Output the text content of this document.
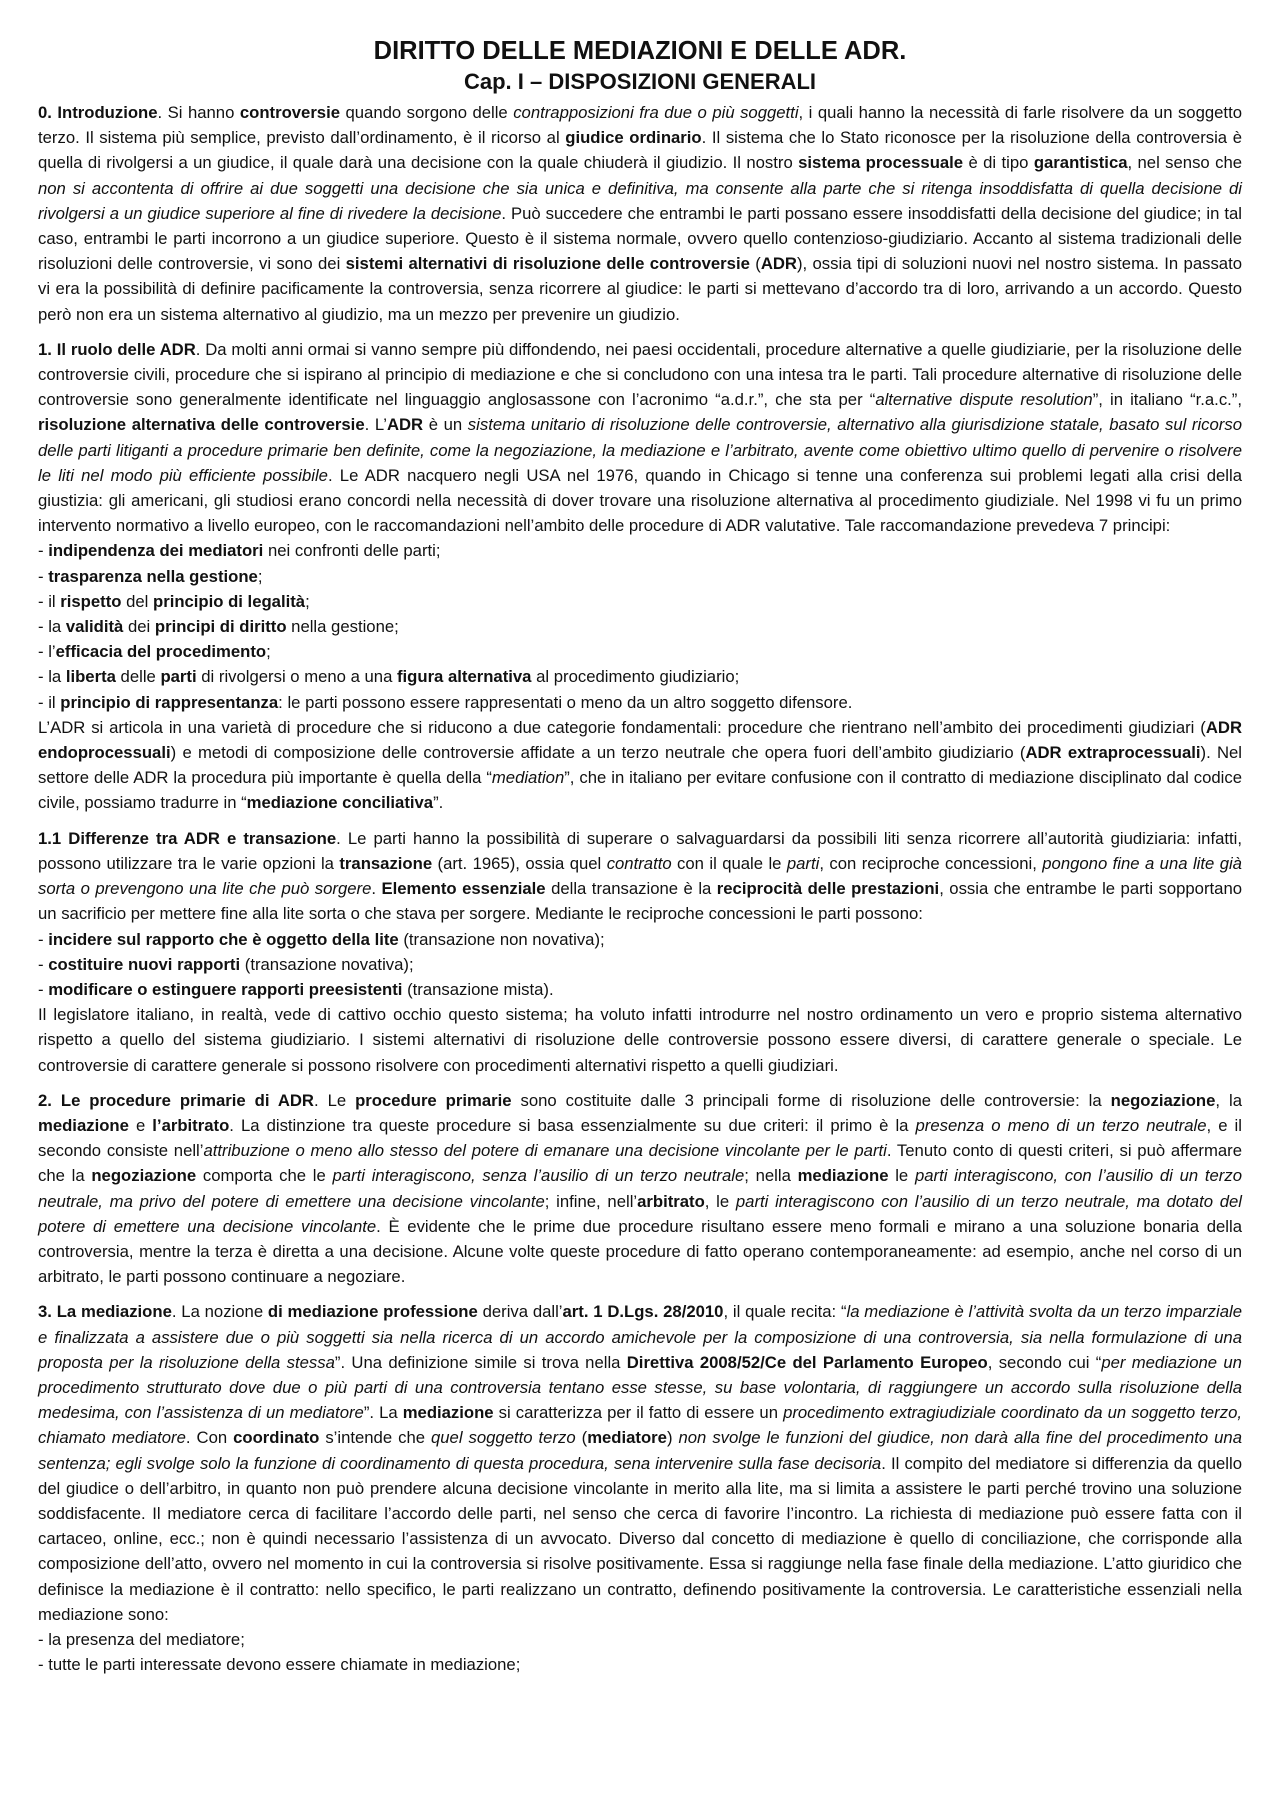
DIRITTO DELLE MEDIAZIONI E DELLE ADR.
Cap. I – DISPOSIZIONI GENERALI

0. Introduzione. Si hanno controversie quando sorgono delle contrapposizioni fra due o più soggetti, i quali hanno la necessità di farle risolvere da un soggetto terzo. Il sistema più semplice, previsto dall’ordinamento, è il ricorso al giudice ordinario. Il sistema che lo Stato riconosce per la risoluzione della controversia è quella di rivolgersi a un giudice, il quale darà una decisione con la quale chiuderà il giudizio. Il nostro sistema processuale è di tipo garantistica, nel senso che non si accontenta di offrire ai due soggetti una decisione che sia unica e definitiva, ma consente alla parte che si ritenga insoddisfatta di quella decisione di rivolgersi a un giudice superiore al fine di rivedere la decisione. Può succedere che entrambi le parti possano essere insoddisfatti della decisione del giudice; in tal caso, entrambi le parti incorrono a un giudice superiore. Questo è il sistema normale, ovvero quello contenzioso-giudiziario. Accanto al sistema tradizionali delle risoluzioni delle controversie, vi sono dei sistemi alternativi di risoluzione delle controversie (ADR), ossia tipi di soluzioni nuovi nel nostro sistema. In passato vi era la possibilità di definire pacificamente la controversia, senza ricorrere al giudice: le parti si mettevano d’accordo tra di loro, arrivando a un accordo. Questo però non era un sistema alternativo al giudizio, ma un mezzo per prevenire un giudizio.

1. Il ruolo delle ADR. Da molti anni ormai si vanno sempre più diffondendo, nei paesi occidentali, procedure alternative a quelle giudiziarie, per la risoluzione delle controversie civili, procedure che si ispirano al principio di mediazione e che si concludono con una intesa tra le parti. Tali procedure alternative di risoluzione delle controversie sono generalmente identificate nel linguaggio anglosassone con l’acronimo “a.d.r.”, che sta per “alternative dispute resolution”, in italiano “r.a.c.”, risoluzione alternativa delle controversie. L’ADR è un sistema unitario di risoluzione delle controversie, alternativo alla giurisdizione statale, basato sul ricorso delle parti litiganti a procedure primarie ben definite, come la negoziazione, la mediazione e l’arbitrato, avente come obiettivo ultimo quello di pervenire o risolvere le liti nel modo più efficiente possibile. Le ADR nacquero negli USA nel 1976, quando in Chicago si tenne una conferenza sui problemi legati alla crisi della giustizia: gli americani, gli studiosi erano concordi nella necessità di dover trovare una risoluzione alternativa al procedimento giudiziale. Nel 1998 vi fu un primo intervento normativo a livello europeo, con le raccomandazioni nell’ambito delle procedure di ADR valutative. Tale raccomandazione prevedeva 7 principi:

- indipendenza dei mediatori nei confronti delle parti;
- trasparenza nella gestione;
- il rispetto del principio di legalità;
- la validità dei principi di diritto nella gestione;
- l’efficacia del procedimento;
- la liberta delle parti di rivolgersi o meno a una figura alternativa al procedimento giudiziario;
- il principio di rappresentanza: le parti possono essere rappresentati o meno da un altro soggetto difensore.

L’ADR si articola in una varietà di procedure che si riducono a due categorie fondamentali: procedure che rientrano nell’ambito dei procedimenti giudiziari (ADR endoprocessuali) e metodi di composizione delle controversie affidate a un terzo neutrale che opera fuori dell’ambito giudiziario (ADR extraprocessuali). Nel settore delle ADR la procedura più importante è quella della “mediation”, che in italiano per evitare confusione con il contratto di mediazione disciplinato dal codice civile, possiamo tradurre in “mediazione conciliativa”.

1.1 Differenze tra ADR e transazione. Le parti hanno la possibilità di superare o salvaguardarsi da possibili liti senza ricorrere all’autorità giudiziaria: infatti, possono utilizzare tra le varie opzioni la transazione (art. 1965), ossia quel contratto con il quale le parti, con reciproche concessioni, pongono fine a una lite già sorta o prevengono una lite che può sorgere. Elemento essenziale della transazione è la reciprocità delle prestazioni, ossia che entrambe le parti sopportano un sacrificio per mettere fine alla lite sorta o che stava per sorgere. Mediante le reciproche concessioni le parti possono:

- incidere sul rapporto che è oggetto della lite (transazione non novativa);
- costituire nuovi rapporti (transazione novativa);
- modificare o estinguere rapporti preesistenti (transazione mista).

Il legislatore italiano, in realtà, vede di cattivo occhio questo sistema; ha voluto infatti introdurre nel nostro ordinamento un vero e proprio sistema alternativo rispetto a quello del sistema giudiziario. I sistemi alternativi di risoluzione delle controversie possono essere diversi, di carattere generale o speciale. Le controversie di carattere generale si possono risolvere con procedimenti alternativi rispetto a quelli giudiziari.

2. Le procedure primarie di ADR. Le procedure primarie sono costituite dalle 3 principali forme di risoluzione delle controversie: la negoziazione, la mediazione e l’arbitrato. La distinzione tra queste procedure si basa essenzialmente su due criteri: il primo è la presenza o meno di un terzo neutrale, e il secondo consiste nell’attribuzione o meno allo stesso del potere di emanare una decisione vincolante per le parti. Tenuto conto di questi criteri, si può affermare che la negoziazione comporta che le parti interagiscono, senza l’ausilio di un terzo neutrale; nella mediazione le parti interagiscono, con l’ausilio di un terzo neutrale, ma privo del potere di emettere una decisione vincolante; infine, nell’arbitrato, le parti interagiscono con l’ausilio di un terzo neutrale, ma dotato del potere di emettere una decisione vincolante. È evidente che le prime due procedure risultano essere meno formali e mirano a una soluzione bonaria della controversia, mentre la terza è diretta a una decisione. Alcune volte queste procedure di fatto operano contemporaneamente: ad esempio, anche nel corso di un arbitrato, le parti possono continuare a negoziare.

3. La mediazione. La nozione di mediazione professione deriva dall’art. 1 D.Lgs. 28/2010, il quale recita: “la mediazione è l’attività svolta da un terzo imparziale e finalizzata a assistere due o più soggetti sia nella ricerca di un accordo amichevole per la composizione di una controversia, sia nella formulazione di una proposta per la risoluzione della stessa”. Una definizione simile si trova nella Direttiva 2008/52/Ce del Parlamento Europeo, secondo cui “per mediazione un procedimento strutturato dove due o più parti di una controversia tentano esse stesse, su base volontaria, di raggiungere un accordo sulla risoluzione della medesima, con l’assistenza di un mediatore”. La mediazione si caratterizza per il fatto di essere un procedimento extragiudiziale coordinato da un soggetto terzo, chiamato mediatore. Con coordinato s’intende che quel soggetto terzo (mediatore) non svolge le funzioni del giudice, non darà alla fine del procedimento una sentenza; egli svolge solo la funzione di coordinamento di questa procedura, sena intervenire sulla fase decisoria. Il compito del mediatore si differenzia da quello del giudice o dell’arbitro, in quanto non può prendere alcuna decisione vincolante in merito alla lite, ma si limita a assistere le parti perché trovino una soluzione soddisfacente. Il mediatore cerca di facilitare l’accordo delle parti, nel senso che cerca di favorire l’incontro. La richiesta di mediazione può essere fatta con il cartaceo, online, ecc.; non è quindi necessario l’assistenza di un avvocato. Diverso dal concetto di mediazione è quello di conciliazione, che corrisponde alla composizione dell’atto, ovvero nel momento in cui la controversia si risolve positivamente. Essa si raggiunge nella fase finale della mediazione. L’atto giuridico che definisce la mediazione è il contratto: nello specifico, le parti realizzano un contratto, definendo positivamente la controversia. Le caratteristiche essenziali nella mediazione sono:

- la presenza del mediatore;
- tutte le parti interessate devono essere chiamate in mediazione;
